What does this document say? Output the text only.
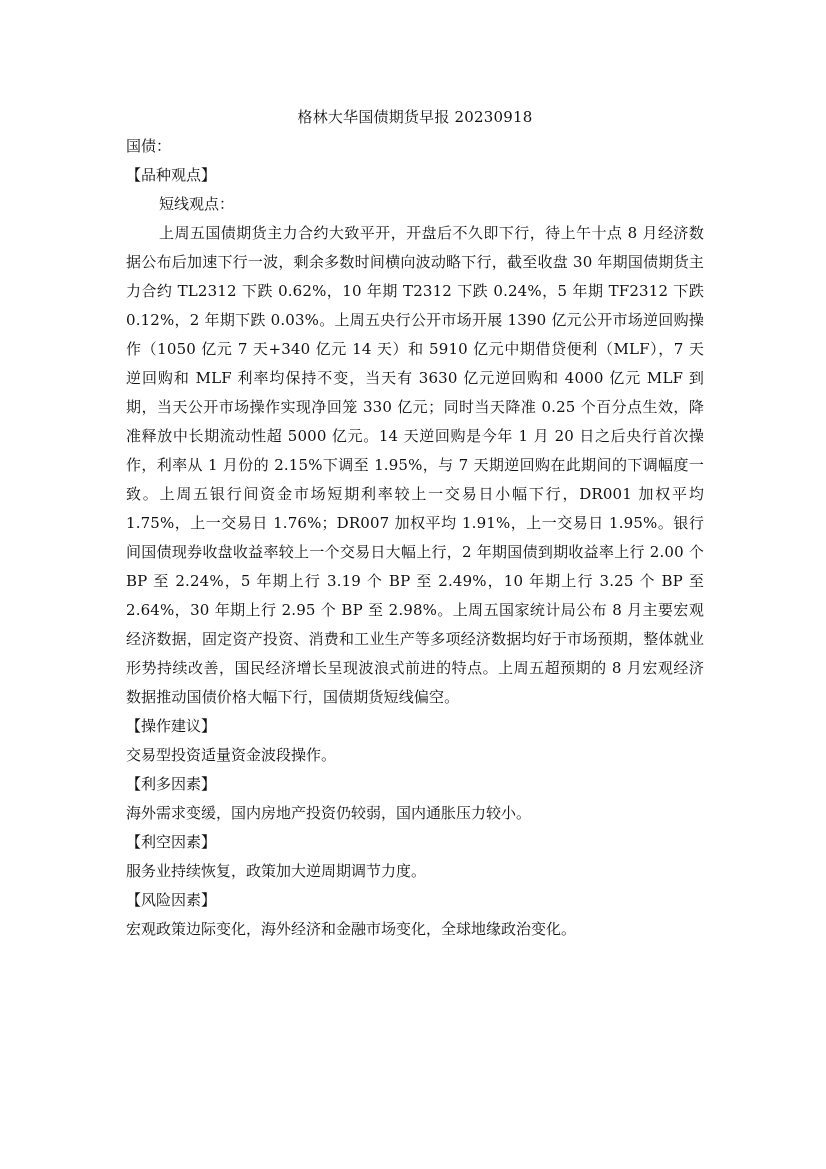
格林大华国债期货早报 20230918

国债：

【品种观点】

短线观点：

上周五国债期货主力合约大致平开，开盘后不久即下行，待上午十点 8 月经济数据公布后加速下行一波，剩余多数时间横向波动略下行，截至收盘 30 年期国债期货主力合约 TL2312 下跌 0.62%，10 年期 T2312 下跌 0.24%，5 年期 TF2312 下跌 0.12%，2 年期下跌 0.03%。上周五央行公开市场开展 1390 亿元公开市场逆回购操作（1050 亿元 7 天+340 亿元 14 天）和 5910 亿元中期借贷便利（MLF），7 天逆回购和 MLF 利率均保持不变，当天有 3630 亿元逆回购和 4000 亿元 MLF 到期，当天公开市场操作实现净回笼 330 亿元；同时当天降准 0.25 个百分点生效，降准释放中长期流动性超 5000 亿元。14 天逆回购是今年 1 月 20 日之后央行首次操作，利率从 1 月份的 2.15%下调至 1.95%，与 7 天期逆回购在此期间的下调幅度一致。上周五银行间资金市场短期利率较上一交易日小幅下行，DR001 加权平均 1.75%，上一交易日 1.76%；DR007 加权平均 1.91%，上一交易日 1.95%。银行间国债现券收盘收益率较上一个交易日大幅上行，2 年期国债到期收益率上行 2.00 个 BP 至 2.24%，5 年期上行 3.19 个 BP 至 2.49%，10 年期上行 3.25 个 BP 至 2.64%，30 年期上行 2.95 个 BP 至 2.98%。上周五国家统计局公布 8 月主要宏观经济数据，固定资产投资、消费和工业生产等多项经济数据均好于市场预期，整体就业形势持续改善，国民经济增长呈现波浪式前进的特点。上周五超预期的 8 月宏观经济数据推动国债价格大幅下行，国债期货短线偏空。

【操作建议】

交易型投资适量资金波段操作。

【利多因素】

海外需求变缓，国内房地产投资仍较弱，国内通胀压力较小。

【利空因素】

服务业持续恢复，政策加大逆周期调节力度。

【风险因素】

宏观政策边际变化，海外经济和金融市场变化，全球地缘政治变化。
